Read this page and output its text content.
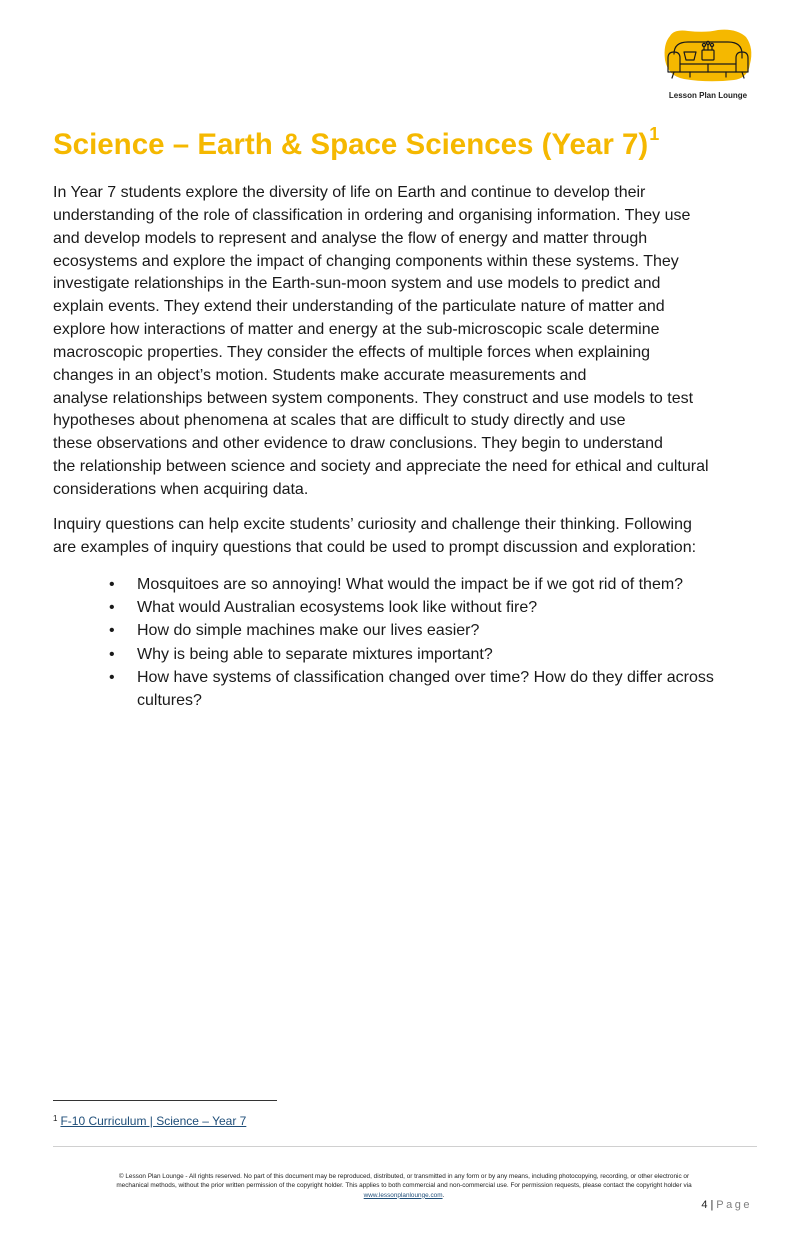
Lesson Plan Lounge
Science – Earth & Space Sciences (Year 7)$^1$

In Year 7 students explore the diversity of life on Earth and continue to develop their
understanding of the role of classification in ordering and organising information. They use
and develop models to represent and analyse the flow of energy and matter through
ecosystems and explore the impact of changing components within these systems. They
investigate relationships in the Earth-sun-moon system and use models to predict and
explain events. They extend their understanding of the particulate nature of matter and
explore how interactions of matter and energy at the sub-microscopic scale determine
macroscopic properties. They consider the effects of multiple forces when explaining
changes in an object’s motion. Students make accurate measurements and
analyse relationships between system components. They construct and use models to test
hypotheses about phenomena at scales that are difficult to study directly and use
these observations and other evidence to draw conclusions. They begin to understand
the relationship between science and society and appreciate the need for ethical and cultural
considerations when acquiring data.

Inquiry questions can help excite students’ curiosity and challenge their thinking. Following
are examples of inquiry questions that could be used to prompt discussion and exploration:

• Mosquitoes are so annoying! What would the impact be if we got rid of them?
• What would Australian ecosystems look like without fire?
• How do simple machines make our lives easier?
• Why is being able to separate mixtures important?
• How have systems of classification changed over time? How do they differ across
cultures?
$^1$ F-10 Curriculum | Science – Year 7
© Lesson Plan Lounge - All rights reserved. No part of this document may be reproduced, distributed, or transmitted in any form or by any means, including photocopying, recording, or other electronic or
mechanical methods, without the prior written permission of the copyright holder. This applies to both commercial and non-commercial use. For permission requests, please contact the copyright holder via
www.lessonplanlounge.com.
4 | Page
